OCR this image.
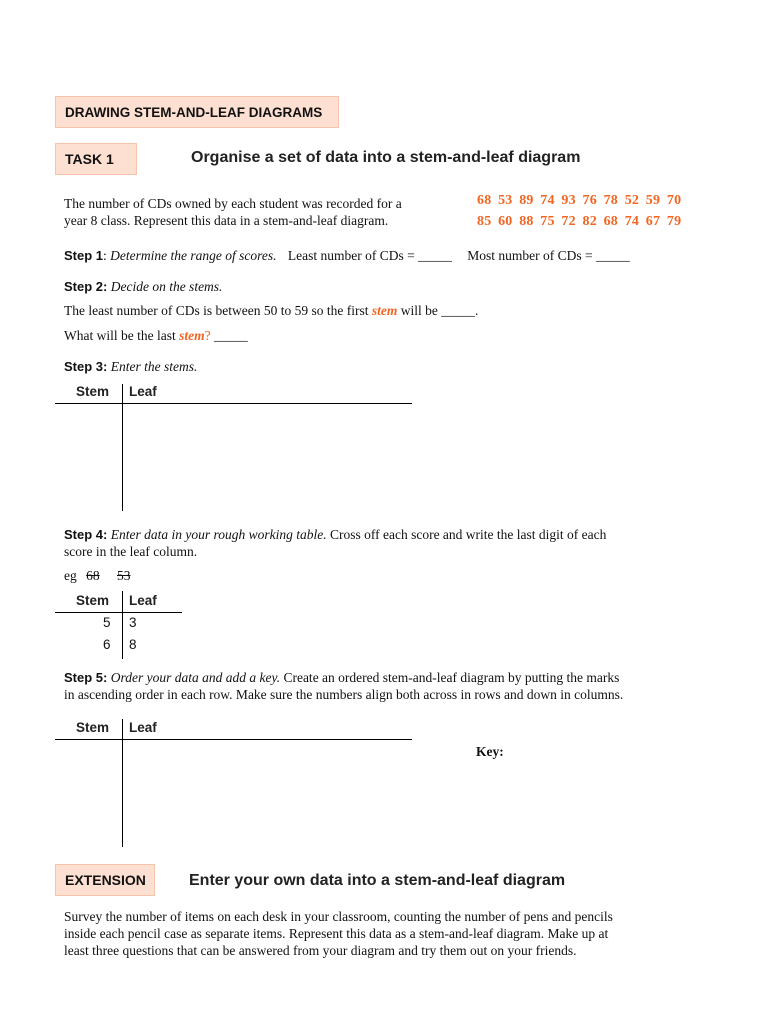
DRAWING STEM-AND-LEAF DIAGRAMS
TASK 1	Organise a set of data into a stem-and-leaf diagram
The number of CDs owned by each student was recorded for a
year 8 class. Represent this data in a stem-and-leaf diagram.
68 53 89 74 93 76 78 52 59 70
85 60 88 75 72 82 68 74 67 79
Step 1: Determine the range of scores. Least number of CDs = _____ Most number of CDs = _____
Step 2: Decide on the stems.
The least number of CDs is between 50 to 59 so the first stem will be _____.
What will be the last stem? _____
Step 3: Enter the stems.
Stem Leaf
Step 4: Enter data in your rough working table. Cross off each score and write the last digit of each
score in the leaf column.
eg 68 53
Stem Leaf
5 3
6 8
Step 5: Order your data and add a key. Create an ordered stem-and-leaf diagram by putting the marks
in ascending order in each row. Make sure the numbers align both across in rows and down in columns.
Stem Leaf
Key:
EXTENSION	Enter your own data into a stem-and-leaf diagram
Survey the number of items on each desk in your classroom, counting the number of pens and pencils
inside each pencil case as separate items. Represent this data as a stem-and-leaf diagram. Make up at
least three questions that can be answered from your diagram and try them out on your friends.
